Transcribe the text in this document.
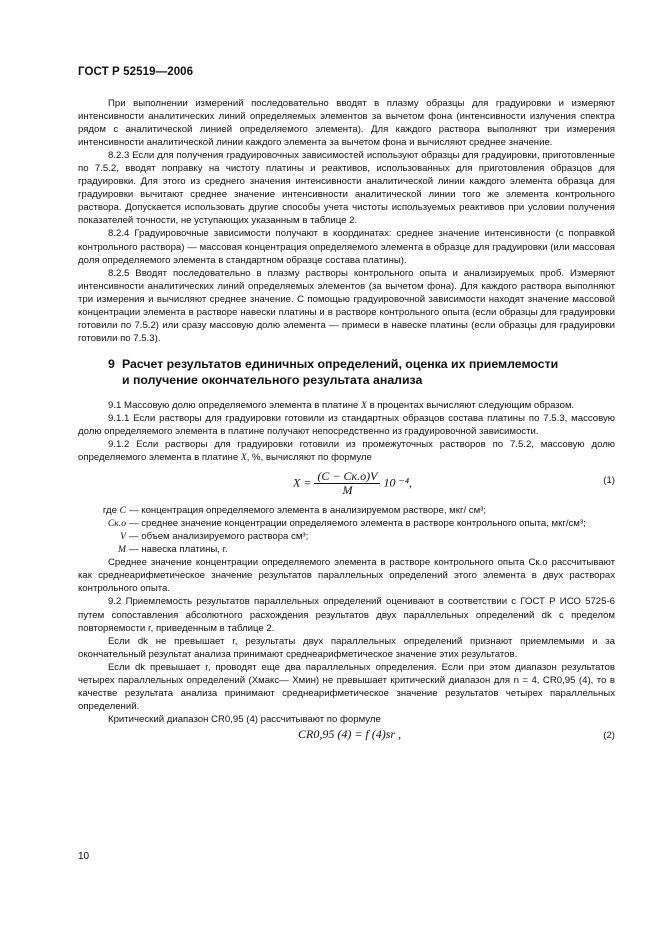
ГОСТ Р 52519—2006

При выполнении измерений последовательно вводят в плазму образцы для градуировки и измеряют интенсивности аналитических линий определяемых элементов за вычетом фона (интенсивности излучения спектра рядом с аналитической линией определяемого элемента). Для каждого раствора выполняют три измерения интенсивности аналитической линии каждого элемента за вычетом фона и вычисляют среднее значение.

8.2.3 Если для получения градуировочных зависимостей используют образцы для градуировки, приготовленные по 7.5.2, вводят поправку на чистоту платины и реактивов, использованных для приготовления образцов для градуировки. Для этого из среднего значения интенсивности аналитической линии каждого элемента образца для градуировки вычитают среднее значение интенсивности аналитической линии того же элемента контрольного раствора. Допускается использовать другие способы учета чистоты используемых реактивов при условии получения показателей точности, не уступающих указанным в таблице 2.

8.2.4 Градуировочные зависимости получают в координатах: среднее значение интенсивности (с поправкой контрольного раствора) — массовая концентрация определяемого элемента в образце для градуировки (или массовая доля определяемого элемента в стандартном образце состава платины).

8.2.5 Вводят последовательно в плазму растворы контрольного опыта и анализируемых проб. Измеряют интенсивности аналитических линий определяемых элементов (за вычетом фона). Для каждого раствора выполняют три измерения и вычисляют среднее значение. С помощью градуировочной зависимости находят значение массовой концентрации элемента в растворе навески платины и в растворе контрольного опыта (если образцы для градуировки готовили по 7.5.2) или сразу массовую долю элемента — примеси в навеске платины (если образцы для градуировки готовили по 7.5.3).

9 Расчет результатов единичных определений, оценка их приемлемости
и получение окончательного результата анализа

9.1 Массовую долю определяемого элемента в платине X в процентах вычисляют следующим образом.

9.1.1 Если растворы для градуировки готовили из стандартных образцов состава платины по 7.5.3, массовую долю определяемого элемента в платине получают непосредственно из градуировочной зависимости.

9.1.2 Если растворы для градуировки готовили из промежуточных растворов по 7.5.2, массовую долю определяемого элемента в платине X, %, вычисляют по формуле

$X = \frac{(C - Cк.о)V}{M} 10$ ⁻⁴,	(1)
где C — концентрация определяемого элемента в анализируемом растворе, мкг/ см³;
Cк.о — среднее значение концентрации определяемого элемента в растворе контрольного опыта, мкг/см³;
V — объем анализируемого раствора см³;
M — навеска платины, г.

Среднее значение концентрации определяемого элемента в растворе контрольного опыта Cк.о рассчитывают как среднеарифметическое значение результатов параллельных определений этого элемента в двух растворах контрольного опыта.

9.2 Приемлемость результатов параллельных определений оценивают в соответствии с ГОСТ Р ИСО 5725-6 путем сопоставления абсолютного расхождения результатов двух параллельных определений dk с пределом повторяемости r, приведенным в таблице 2.

Если dk не превышает r, результаты двух параллельных определений признают приемлемыми и за окончательный результат анализа принимают среднеарифметическое значение этих результатов.

Если dk превышает r, проводят еще два параллельных определения. Если при этом диапазон результатов четырех параллельных определений (Xмакс— Xмин) не превышает критический диапазон для n = 4, CR0,95 (4), то в качестве результата анализа принимают среднеарифметическое значение результатов четырех параллельных определений.

Критический диапазон CR0,95 (4) рассчитывают по формуле

CR0,95 (4) = f (4)sr ,	(2)
10
